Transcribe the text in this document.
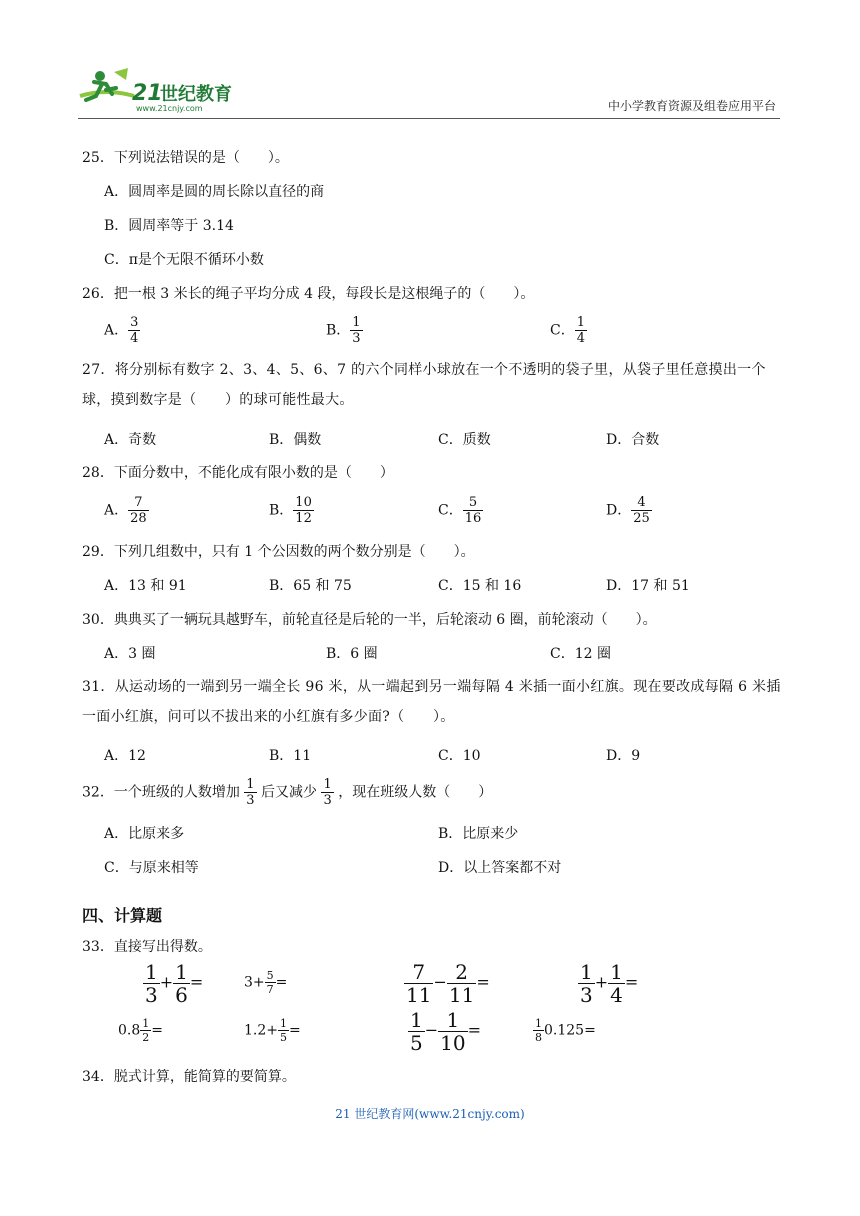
21
世纪教育
www.21cnjy.com	中小学教育资源及组卷应用平台
25．下列说法错误的是（　　）。
A．圆周率是圆的周长除以直径的商
B．圆周率等于 3.14
C．π是个无限不循环小数
26．把一根 3 米长的绳子平均分成 4 段，每段长是这根绳子的（　　）。
A． $\frac{3}{4}$	B． $\frac{1}{3}$	C． $\frac{1}{4}$
27．将分别标有数字 2、3、4、5、6、7 的六个同样小球放在一个不透明的袋子里，从袋子里任意摸出一个球，摸到数字是（　　）的球可能性最大。
A．奇数	B．偶数	C．质数	D．合数
28．下面分数中，不能化成有限小数的是（　　）
A． $\frac{7}{28}$	B． $\frac{10}{12}$	C． $\frac{5}{16}$	D． $\frac{4}{25}$
29．下列几组数中，只有 1 个公因数的两个数分别是（　　）。
A．13 和 91	B．65 和 75	C．15 和 16	D．17 和 51
30．典典买了一辆玩具越野车，前轮直径是后轮的一半，后轮滚动 6 圈，前轮滚动（　　）。
A．3 圈	B．6 圈	C．12 圈
31．从运动场的一端到另一端全长 96 米，从一端起到另一端每隔 4 米插一面小红旗。现在要改成每隔 6 米插一面小红旗，问可以不拔出来的小红旗有多少面?（　　）。
A．12	B．11	C．10	D．9
32．一个班级的人数增加 $\frac{1}{3}$ 后又减少 $\frac{1}{3}$ ，现在班级人数（　　）
A．比原来多	B．比原来少
C．与原来相等	D．以上答案都不对
四、计算题
33．直接写出得数。
$\frac{1}{3} + \frac{1}{6}$ =	$3+ \frac{5}{7}$ =	$\frac{7}{11} - \frac{2}{11}$ =	$\frac{1}{3} + \frac{1}{4}$ =
$0.8 \frac{1}{2}$ =	$1.2+ \frac{1}{5}$ =	$\frac{1}{5} - \frac{1}{10}$ =	$\frac{1}{8} 0.125=$
34．脱式计算，能简算的要简算。
21 世纪教育网(www.21cnjy.com)
